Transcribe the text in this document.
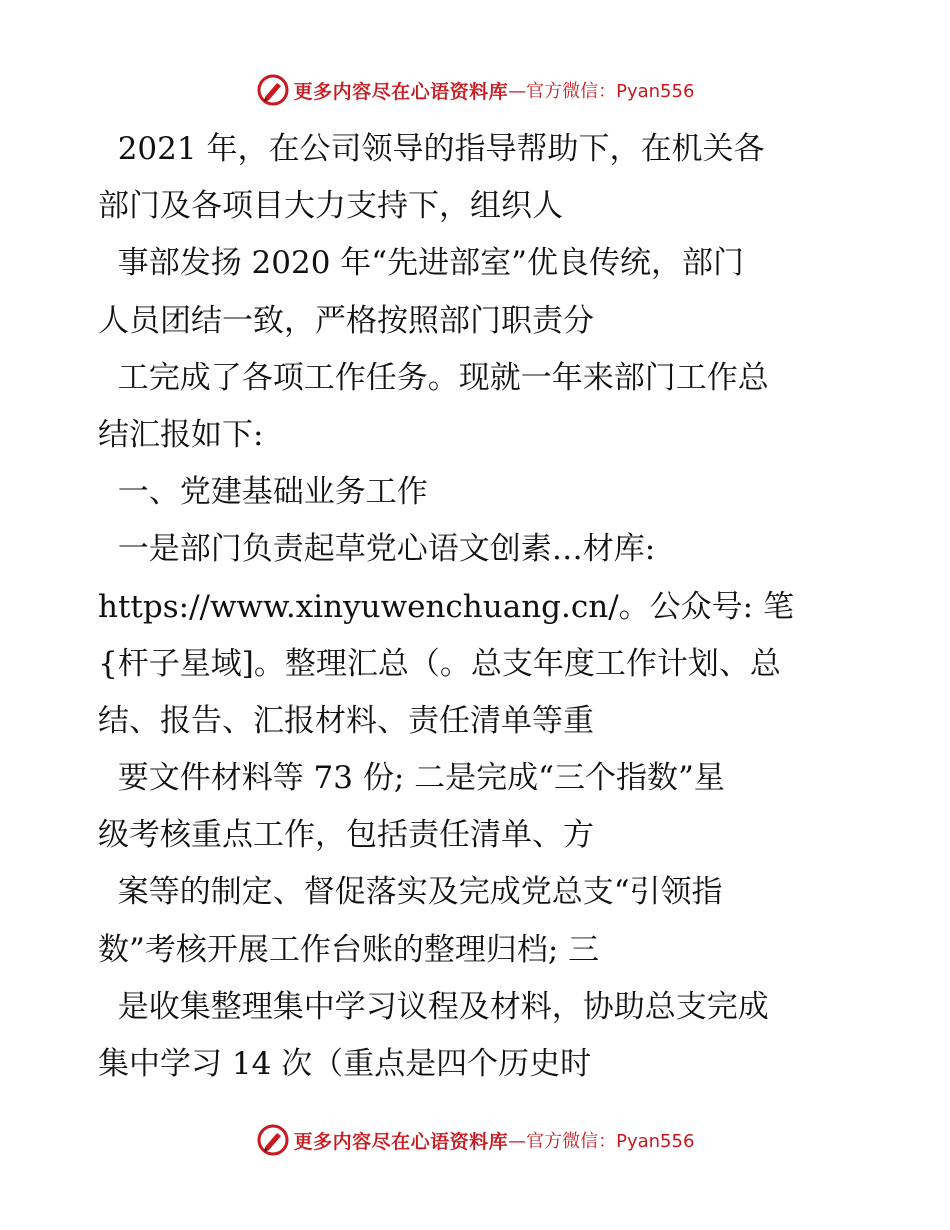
更多内容尽在心语资料库 —官方微信：Pyan556
2021 年，在公司领导的指导帮助下，在机关各
部门及各项目大力支持下，组织人
事部发扬 2020 年“先进部室”优良传统，部门
人员团结一致，严格按照部门职责分
工完成了各项工作任务。现就一年来部门工作总
结汇报如下:
一、党建基础业务工作
一是部门负责起草党心语文创素…材库:
https://www.xinyuwenchuang.cn/。公众号: 笔
{杆子星域]。整理汇总（。总支年度工作计划、总
结、报告、汇报材料、责任清单等重
要文件材料等 73 份; 二是完成“三个指数”星
级考核重点工作，包括责任清单、方
案等的制定、督促落实及完成党总支“引领指
数”考核开展工作台账的整理归档; 三
是收集整理集中学习议程及材料，协助总支完成
集中学习 14 次（重点是四个历史时
更多内容尽在心语资料库 —官方微信：Pyan556
